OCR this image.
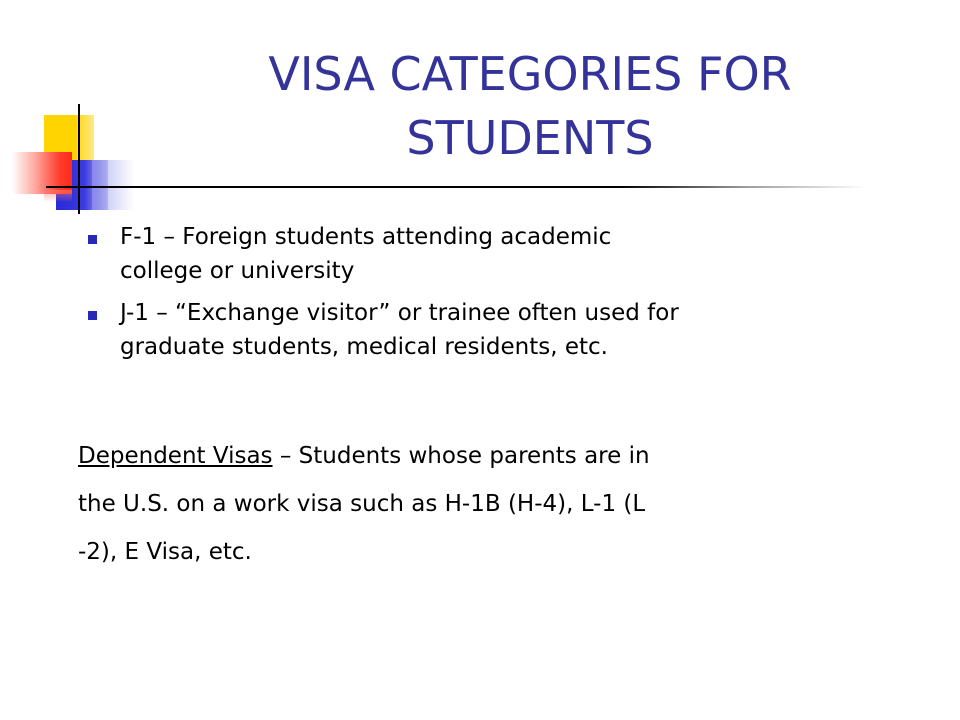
VISA CATEGORIES FOR
STUDENTS
F-1 – Foreign students attending academic
college or university
J-1 – “Exchange visitor” or trainee often used for
graduate students, medical residents, etc.

Dependent Visas – Students whose parents are in
the U.S. on a work visa such as H-1B (H-4), L-1 (L
-2), E Visa, etc.
